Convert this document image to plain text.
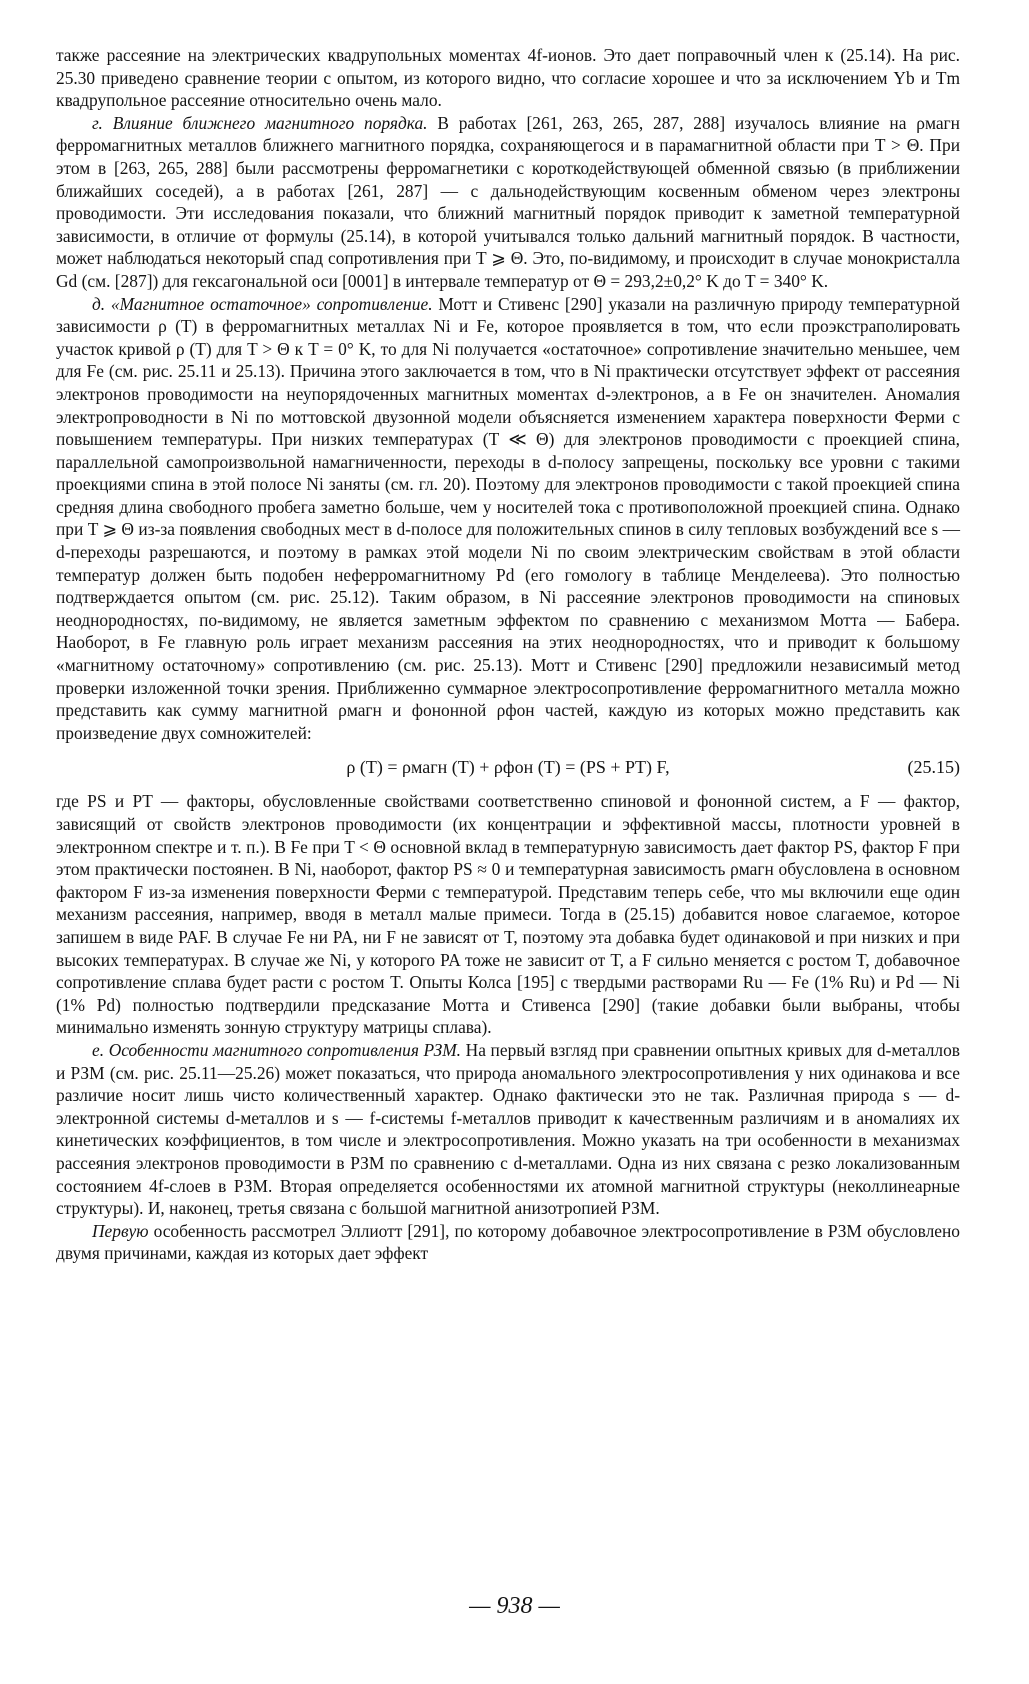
также рассеяние на электрических квадрупольных моментах 4f-ионов. Это дает поправочный член к (25.14). На рис. 25.30 приведено сравнение теории с опытом, из которого видно, что согласие хорошее и что за исключением Yb и Tm квадрупольное рассеяние относительно очень мало.

г. Влияние ближнего магнитного порядка. В работах [261, 263, 265, 287, 288] изучалось влияние на ρмагн ферромагнитных металлов ближнего магнитного порядка, сохраняющегося и в парамагнитной области при T > Θ. При этом в [263, 265, 288] были рассмотрены ферромагнетики с короткодействующей обменной связью (в приближении ближайших соседей), а в работах [261, 287] — с дальнодействующим косвенным обменом через электроны проводимости. Эти исследования показали, что ближний магнитный порядок приводит к заметной температурной зависимости, в отличие от формулы (25.14), в которой учитывался только дальний магнитный порядок. В частности, может наблюдаться некоторый спад сопротивления при T ⩾ Θ. Это, по-видимому, и происходит в случае монокристалла Gd (см. [287]) для гексагональной оси [0001] в интервале температур от Θ = 293,2±0,2° K до T = 340° K.

д. «Магнитное остаточное» сопротивление. Мотт и Стивенс [290] указали на различную природу температурной зависимости ρ (T) в ферромагнитных металлах Ni и Fe, которое проявляется в том, что если проэкстраполировать участок кривой ρ (T) для T > Θ к T = 0° K, то для Ni получается «остаточное» сопротивление значительно меньшее, чем для Fe (см. рис. 25.11 и 25.13). Причина этого заключается в том, что в Ni практически отсутствует эффект от рассеяния электронов проводимости на неупорядоченных магнитных моментах d-электронов, а в Fe он значителен. Аномалия электропроводности в Ni по моттовской двузонной модели объясняется изменением характера поверхности Ферми с повышением температуры. При низких температурах (T ≪ Θ) для электронов проводимости с проекцией спина, параллельной самопроизвольной намагниченности, переходы в d-полосу запрещены, поскольку все уровни с такими проекциями спина в этой полосе Ni заняты (см. гл. 20). Поэтому для электронов проводимости с такой проекцией спина средняя длина свободного пробега заметно больше, чем у носителей тока с противоположной проекцией спина. Однако при T ⩾ Θ из-за появления свободных мест в d-полосе для положительных спинов в силу тепловых возбуждений все s — d-переходы разрешаются, и поэтому в рамках этой модели Ni по своим электрическим свойствам в этой области температур должен быть подобен неферромагнитному Pd (его гомологу в таблице Менделеева). Это полностью подтверждается опытом (см. рис. 25.12). Таким образом, в Ni рассеяние электронов проводимости на спиновых неоднородностях, по-видимому, не является заметным эффектом по сравнению с механизмом Мотта — Бабера. Наоборот, в Fe главную роль играет механизм рассеяния на этих неоднородностях, что и приводит к большому «магнитному остаточному» сопротивлению (см. рис. 25.13). Мотт и Стивенс [290] предложили независимый метод проверки изложенной точки зрения. Приближенно суммарное электросопротивление ферромагнитного металла можно представить как сумму магнитной ρмагн и фононной ρфон частей, каждую из которых можно представить как произведение двух сомножителей:

ρ (T) = ρмагн (T) + ρфон (T) = (PS + PT) F,	(25.15)

где PS и PT — факторы, обусловленные свойствами соответственно спиновой и фононной систем, а F — фактор, зависящий от свойств электронов проводимости (их концентрации и эффективной массы, плотности уровней в электронном спектре и т. п.). В Fe при T < Θ основной вклад в температурную зависимость дает фактор PS, фактор F при этом практически постоянен. В Ni, наоборот, фактор PS ≈ 0 и температурная зависимость ρмагн обусловлена в основном фактором F из-за изменения поверхности Ферми с температурой. Представим теперь себе, что мы включили еще один механизм рассеяния, например, вводя в металл малые примеси. Тогда в (25.15) добавится новое слагаемое, которое запишем в виде PAF. В случае Fe ни PA, ни F не зависят от T, поэтому эта добавка будет одинаковой и при низких и при высоких температурах. В случае же Ni, у которого PA тоже не зависит от T, а F сильно меняется с ростом T, добавочное сопротивление сплава будет расти с ростом T. Опыты Колса [195] с твердыми растворами Ru — Fe (1% Ru) и Pd — Ni (1% Pd) полностью подтвердили предсказание Мотта и Стивенса [290] (такие добавки были выбраны, чтобы минимально изменять зонную структуру матрицы сплава).

е. Особенности магнитного сопротивления РЗМ. На первый взгляд при сравнении опытных кривых для d-металлов и РЗМ (см. рис. 25.11—25.26) может показаться, что природа аномального электросопротивления у них одинакова и все различие носит лишь чисто количественный характер. Однако фактически это не так. Различная природа s — d-электронной системы d-металлов и s — f-системы f-металлов приводит к качественным различиям и в аномалиях их кинетических коэффициентов, в том числе и электросопротивления. Можно указать на три особенности в механизмах рассеяния электронов проводимости в РЗМ по сравнению с d-металлами. Одна из них связана с резко локализованным состоянием 4f-слоев в РЗМ. Вторая определяется особенностями их атомной магнитной структуры (неколлинеарные структуры). И, наконец, третья связана с большой магнитной анизотропией РЗМ.

Первую особенность рассмотрел Эллиотт [291], по которому добавочное электросопротивление в РЗМ обусловлено двумя причинами, каждая из которых дает эффект

— 938 —
